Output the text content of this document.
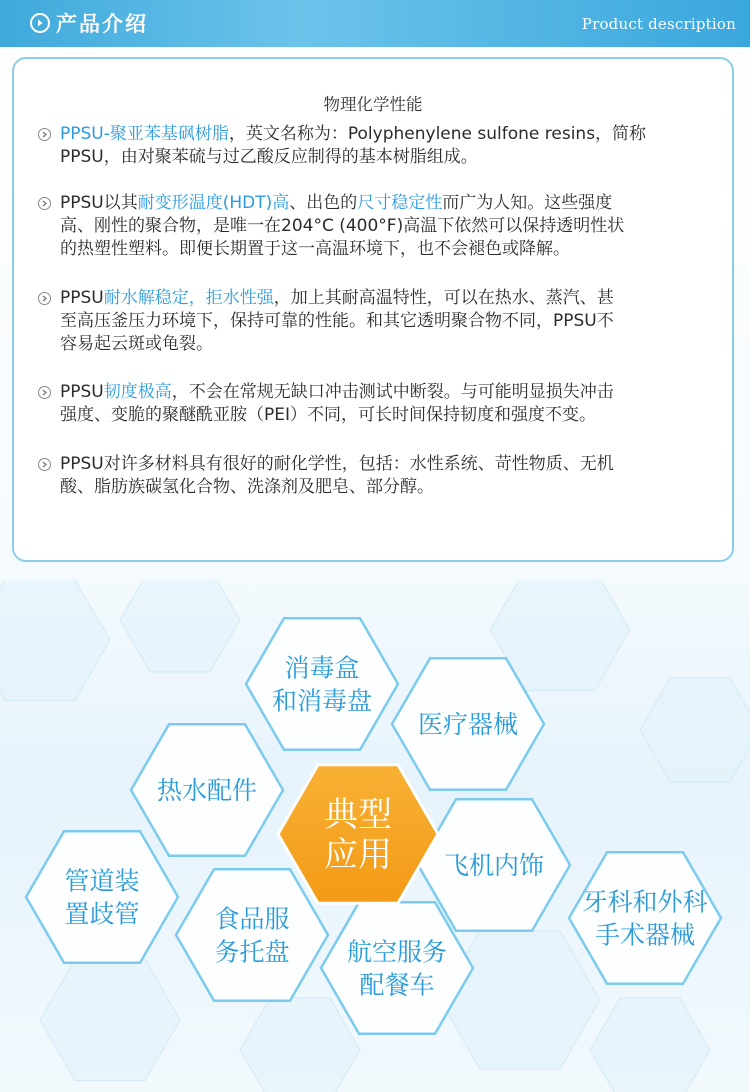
产品介绍	Product description
物理化学性能
PPSU-聚亚苯基砜树脂，英文名称为：Polyphenylene sulfone resins，简称
PPSU，由对聚苯硫与过乙酸反应制得的基本树脂组成。
PPSU以其耐变形温度(HDT)高、出色的尺寸稳定性而广为人知。这些强度
高、刚性的聚合物，是唯一在204°C (400°F)高温下依然可以保持透明性状
的热塑性塑料。即便长期置于这一高温环境下，也不会褪色或降解。
PPSU耐水解稳定，拒水性强，加上其耐高温特性，可以在热水、蒸汽、甚
至高压釜压力环境下，保持可靠的性能。和其它透明聚合物不同，PPSU不
容易起云斑或龟裂。
PPSU韧度极高，不会在常规无缺口冲击测试中断裂。与可能明显损失冲击
强度、变脆的聚醚酰亚胺（PEI）不同，可长时间保持韧度和强度不变。
PPSU对许多材料具有很好的耐化学性，包括：水性系统、苛性物质、无机
酸、脂肪族碳氢化合物、洗涤剂及肥皂、部分醇。
消毒盒
和消毒盘
医疗器械
热水配件
飞机内饰
管道装
置歧管	食品服
务托盘 航空服务
配餐车
牙科和外科
手术器械
典型
应用
